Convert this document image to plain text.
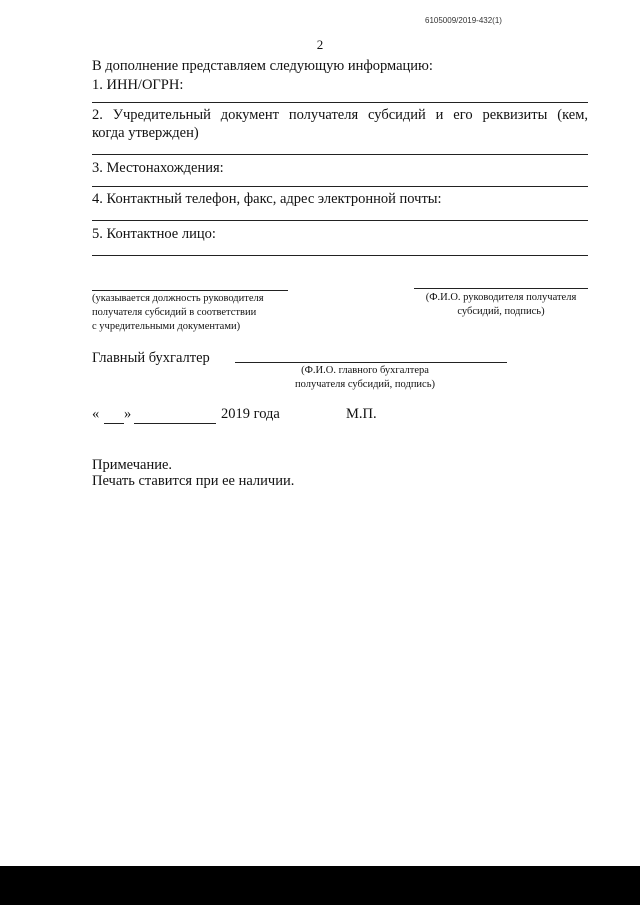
6105009/2019-432(1)
2
В дополнение представляем следующую информацию:
1. ИНН/ОГРН:
2. Учредительный документ получателя субсидий и его реквизиты (кем,
когда утвержден)
3. Местонахождения:
4. Контактный телефон, факс, адрес электронной почты:
5. Контактное лицо:
(указывается должность руководителя
получателя субсидий в соответствии
с учредительными документами)
(Ф.И.О. руководителя получателя
субсидий, подпись)
Главный бухгалтер
(Ф.И.О. главного бухгалтера
получателя субсидий, подпись)
« »	2019 года	М.П.
Примечание.
Печать ставится при ее наличии.
